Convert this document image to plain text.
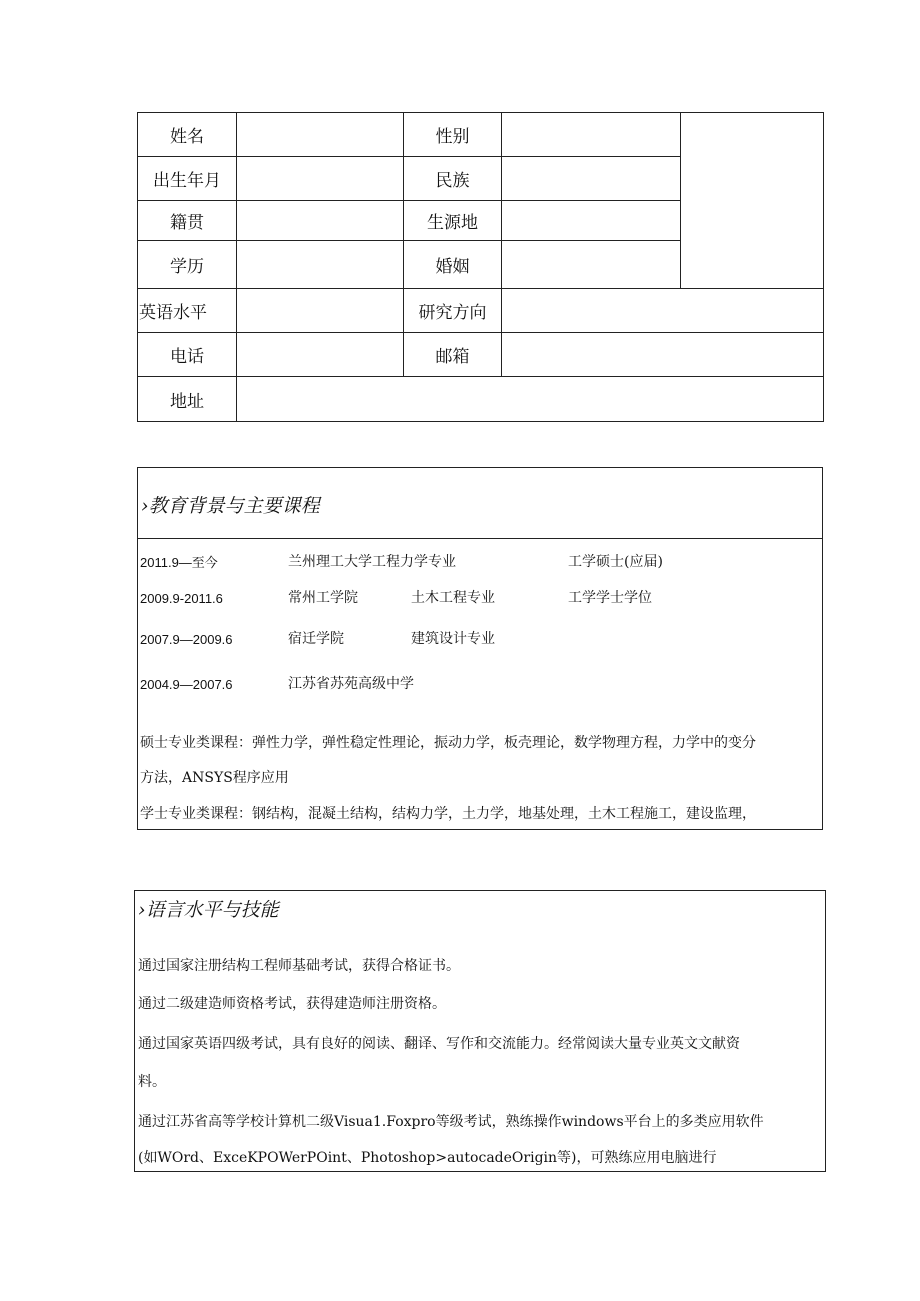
姓名		性别		
出生年月		民族		
籍贯		生源地		
学历		婚姻		
英语水平		研究方向		
电话		邮箱		
地址				
›教育背景与主要课程
2011.9—至今	兰州理工大学工程力学专业	工学硕士(应届)
2009.9-2011.6	常州工学院	土木工程专业	工学学士学位
2007.9—2009.6	宿迁学院	建筑设计专业
2004.9—2007.6	江苏省苏苑高级中学
硕士专业类课程：弹性力学，弹性稳定性理论，振动力学，板壳理论，数学物理方程，力学中的变分
方法，ANSYS程序应用
学士专业类课程：钢结构，混凝土结构，结构力学，土力学，地基处理，土木工程施工，建设监理，
›语言水平与技能
通过国家注册结构工程师基础考试，获得合格证书。
通过二级建造师资格考试，获得建造师注册资格。
通过国家英语四级考试，具有良好的阅读、翻译、写作和交流能力。经常阅读大量专业英文文献资
料。
通过江苏省高等学校计算机二级Visua1.Foxpro等级考试，熟练操作windows平台上的多类应用软件
(如WOrd、ExceKPOWerPOint、Photoshop>autocadeOrigin等)，可熟练应用电脑进行
